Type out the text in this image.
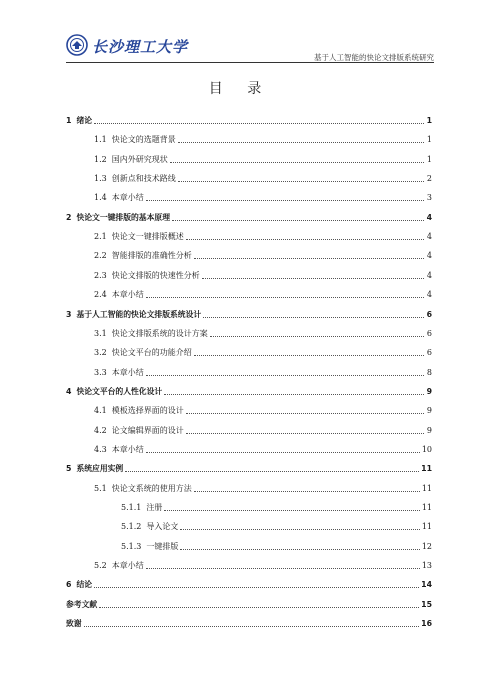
长沙理工大学
基于人工智能的快论文排版系统研究
目 录
1 绪论	1
1.1 快论文的选题背景	1
1.2 国内外研究现状	1
1.3 创新点和技术路线	2
1.4 本章小结	3
2 快论文一键排版的基本原理	4
2.1 快论文一键排版概述	4
2.2 智能排版的准确性分析	4
2.3 快论文排版的快速性分析	4
2.4 本章小结	4
3 基于人工智能的快论文排版系统设计	6
3.1 快论文排版系统的设计方案	6
3.2 快论文平台的功能介绍	6
3.3 本章小结	8
4 快论文平台的人性化设计	9
4.1 模板选择界面的设计	9
4.2 论文编辑界面的设计	9
4.3 本章小结	10
5 系统应用实例	11
5.1 快论文系统的使用方法	11
5.1.1 注册	11
5.1.2 导入论文	11
5.1.3 一键排版	12
5.2 本章小结	13
6 结论	14
参考文献	15
致谢	16
